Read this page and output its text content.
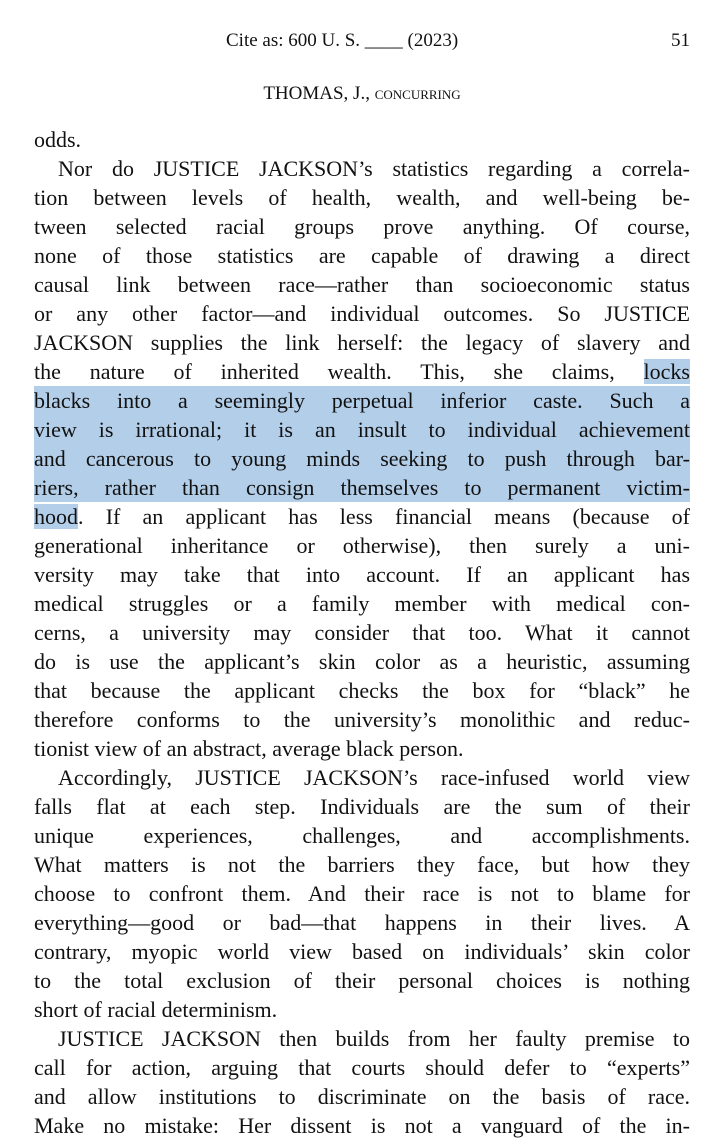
Cite as: 600 U. S. ____ (2023)	51
THOMAS, J., concurring
odds.
Nor do JUSTICE JACKSON’s statistics regarding a correla-
tion between levels of health, wealth, and well-being be-
tween selected racial groups prove anything. Of course,
none of those statistics are capable of drawing a direct
causal link between race—rather than socioeconomic status
or any other factor—and individual outcomes. So JUSTICE
JACKSON supplies the link herself: the legacy of slavery and
the nature of inherited wealth. This, she claims, locks
blacks into a seemingly perpetual inferior caste. Such a
view is irrational; it is an insult to individual achievement
and cancerous to young minds seeking to push through bar-
riers, rather than consign themselves to permanent victim-
hood. If an applicant has less financial means (because of
generational inheritance or otherwise), then surely a uni-
versity may take that into account. If an applicant has
medical struggles or a family member with medical con-
cerns, a university may consider that too. What it cannot
do is use the applicant’s skin color as a heuristic, assuming
that because the applicant checks the box for “black” he
therefore conforms to the university’s monolithic and reduc-
tionist view of an abstract, average black person.
Accordingly, JUSTICE JACKSON’s race-infused world view
falls flat at each step. Individuals are the sum of their
unique experiences, challenges, and accomplishments.
What matters is not the barriers they face, but how they
choose to confront them. And their race is not to blame for
everything—good or bad—that happens in their lives. A
contrary, myopic world view based on individuals’ skin color
to the total exclusion of their personal choices is nothing
short of racial determinism.
JUSTICE JACKSON then builds from her faulty premise to
call for action, arguing that courts should defer to “experts”
and allow institutions to discriminate on the basis of race.
Make no mistake: Her dissent is not a vanguard of the in-
